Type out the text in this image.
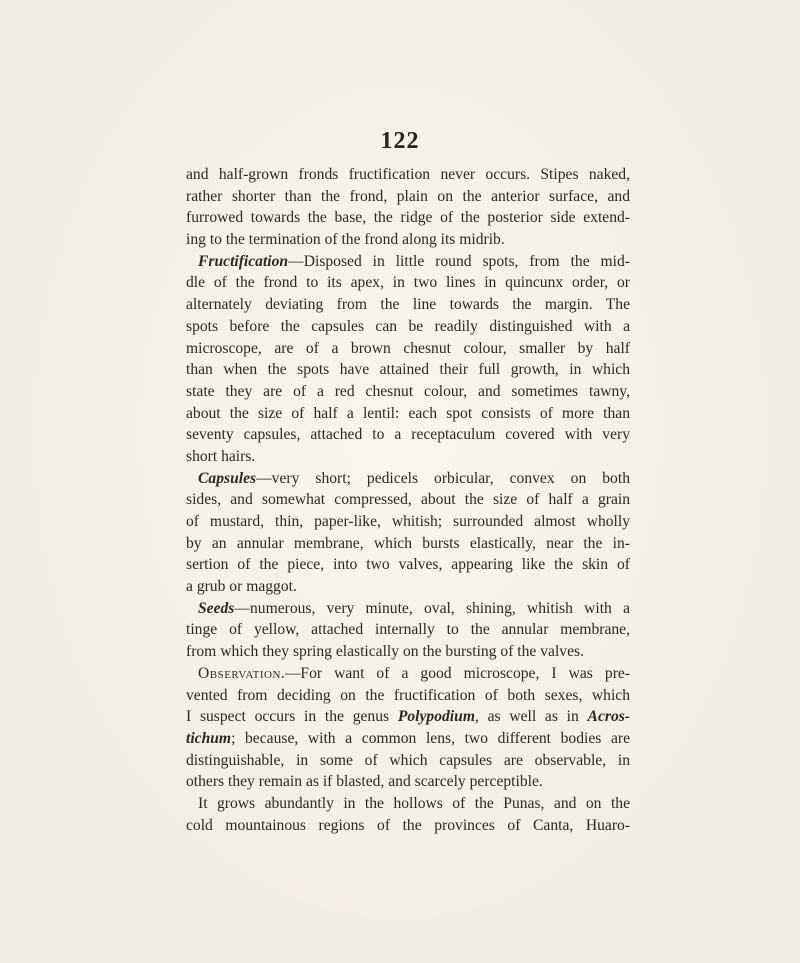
122
and half-grown fronds fructification never occurs. Stipes naked,
rather shorter than the frond, plain on the anterior surface, and
furrowed towards the base, the ridge of the posterior side extend-
ing to the termination of the frond along its midrib.
Fructification—Disposed in little round spots, from the mid-
dle of the frond to its apex, in two lines in quincunx order, or
alternately deviating from the line towards the margin. The
spots before the capsules can be readily distinguished with a
microscope, are of a brown chesnut colour, smaller by half
than when the spots have attained their full growth, in which
state they are of a red chesnut colour, and sometimes tawny,
about the size of half a lentil: each spot consists of more than
seventy capsules, attached to a receptaculum covered with very
short hairs.
Capsules—very short; pedicels orbicular, convex on both
sides, and somewhat compressed, about the size of half a grain
of mustard, thin, paper-like, whitish; surrounded almost wholly
by an annular membrane, which bursts elastically, near the in-
sertion of the piece, into two valves, appearing like the skin of
a grub or maggot.
Seeds—numerous, very minute, oval, shining, whitish with a
tinge of yellow, attached internally to the annular membrane,
from which they spring elastically on the bursting of the valves.
Observation.—For want of a good microscope, I was pre-
vented from deciding on the fructification of both sexes, which
I suspect occurs in the genus Polypodium, as well as in Acros-
tichum; because, with a common lens, two different bodies are
distinguishable, in some of which capsules are observable, in
others they remain as if blasted, and scarcely perceptible.
It grows abundantly in the hollows of the Punas, and on the
cold mountainous regions of the provinces of Canta, Huaro-
